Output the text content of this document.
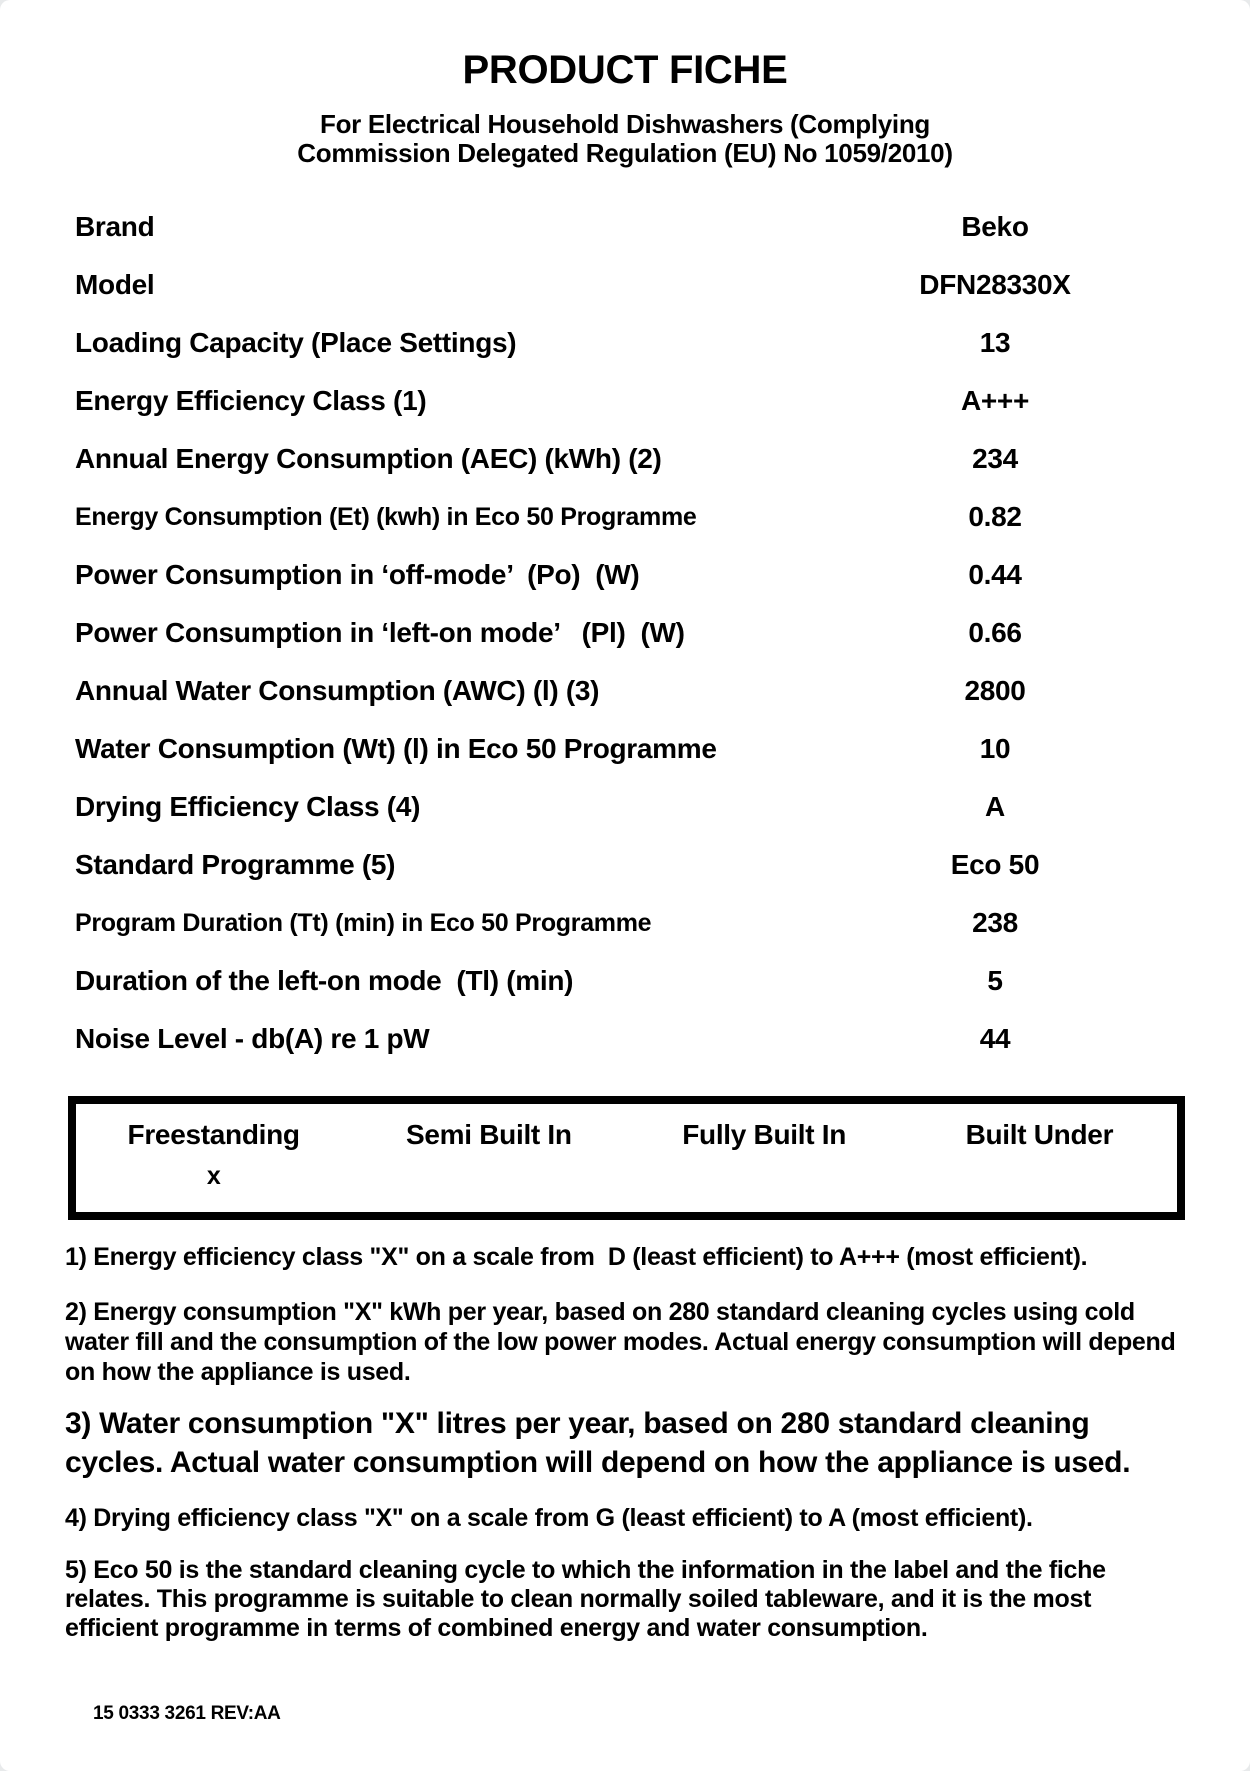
PRODUCT FICHE
For Electrical Household Dishwashers (Complying
Commission Delegated Regulation (EU) No 1059/2010)
Brand	Beko
Model	DFN28330X
Loading Capacity (Place Settings)	13
Energy Efficiency Class (1)	A+++
Annual Energy Consumption (AEC) (kWh) (2)	234
Energy Consumption (Et) (kwh) in Eco 50 Programme	0.82
Power Consumption in ‘off-mode’  (Po)  (W)	0.44
Power Consumption in ‘left-on mode’   (Pl)  (W)	0.66
Annual Water Consumption (AWC) (l) (3)	2800
Water Consumption (Wt) (l) in Eco 50 Programme	10
Drying Efficiency Class (4)	A
Standard Programme (5)	Eco 50
Program Duration (Tt) (min) in Eco 50 Programme	238
Duration of the left-on mode  (Tl) (min)	5
Noise Level - db(A) re 1 pW	44
Freestanding	Semi Built In	Fully Built In	Built Under
x
1) Energy efficiency class "X" on a scale from  D (least efficient) to A+++ (most efficient).
2) Energy consumption "X" kWh per year, based on 280 standard cleaning cycles using cold water fill and the consumption of the low power modes. Actual energy consumption will depend on how the appliance is used.
3) Water consumption "X" litres per year, based on 280 standard cleaning cycles. Actual water consumption will depend on how the appliance is used.
4) Drying efficiency class "X" on a scale from G (least efficient) to A (most efficient).
5) Eco 50 is the standard cleaning cycle to which the information in the label and the fiche relates. This programme is suitable to clean normally soiled tableware, and it is the most efficient programme in terms of combined energy and water consumption.
15 0333 3261 REV:AA
